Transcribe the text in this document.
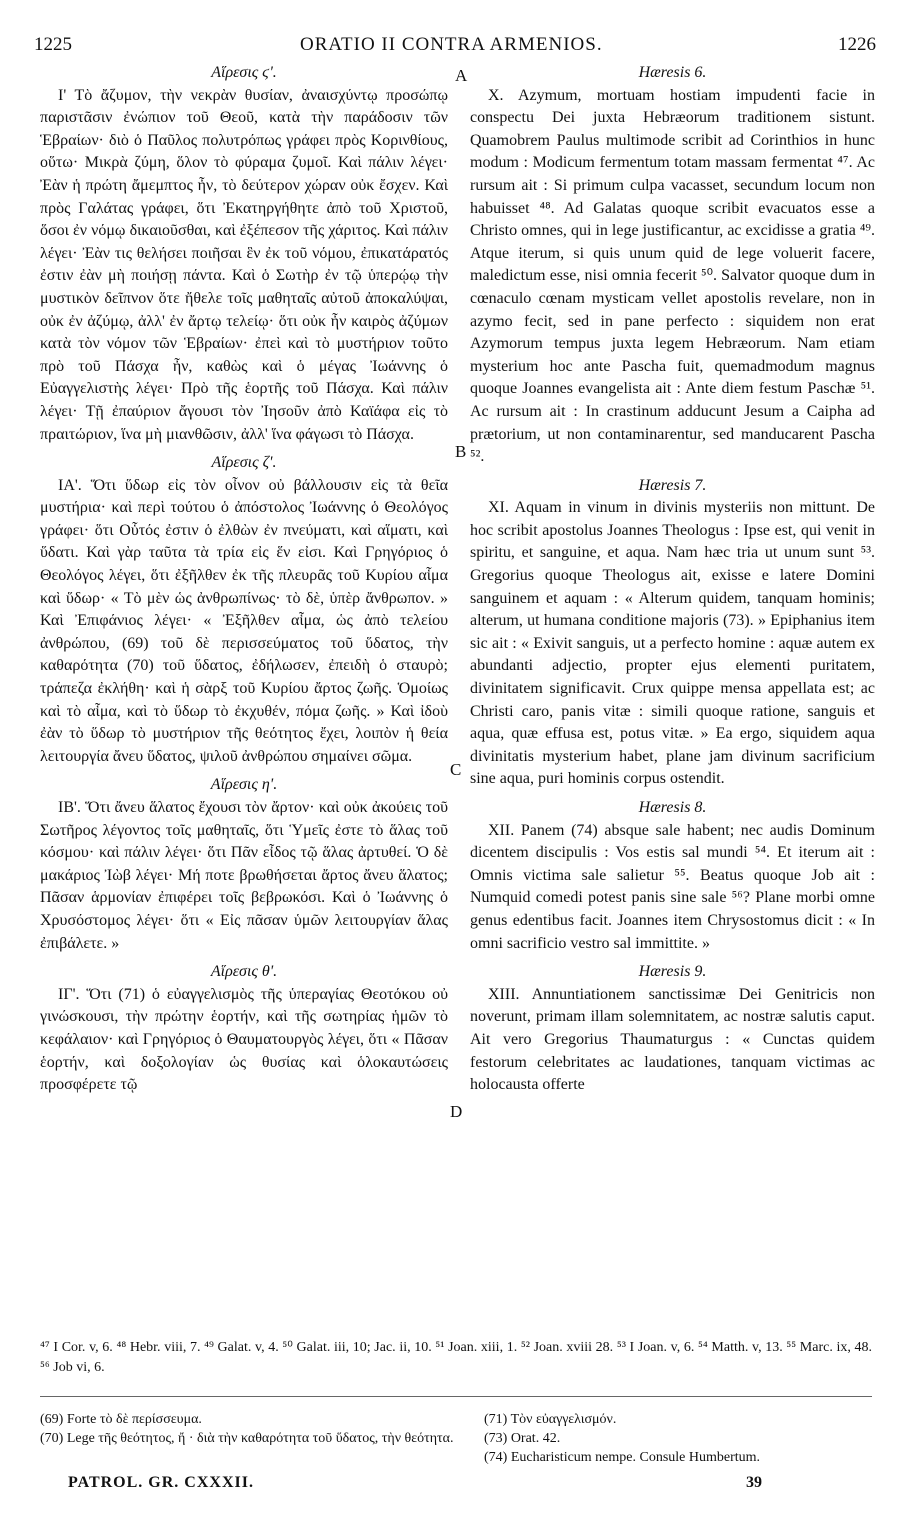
1225	ORATIO II CONTRA ARMENIOS.	1226
A
B
C
D

Αἵρεσις ϛ'.

Ι' Τὸ ἄζυμον, τὴν νεκρὰν θυσίαν, ἀναισχύντῳ προσώπῳ παριστᾶσιν ἐνώπιον τοῦ Θεοῦ, κατὰ τὴν παράδοσιν τῶν Ἑβραίων· διὸ ὁ Παῦλος πολυτρόπως γράφει πρὸς Κορινθίους, οὕτω· Μικρὰ ζύμη, ὅλον τὸ φύραμα ζυμοῖ. Καὶ πάλιν λέγει· Ἐὰν ἡ πρώτη ἄμεμπτος ἦν, τὸ δεύτερον χώραν οὐκ ἔσχεν. Καὶ πρὸς Γαλάτας γράφει, ὅτι Ἐκατηργήθητε ἀπὸ τοῦ Χριστοῦ, ὅσοι ἐν νόμῳ δικαιοῦσθαι, καὶ ἐξέπεσον τῆς χάριτος. Καὶ πάλιν λέγει· Ἐὰν τις θελήσει ποιῆσαι ἓν ἐκ τοῦ νόμου, ἐπικατάρατός ἐστιν ἐὰν μὴ ποιήσῃ πάντα. Καὶ ὁ Σωτὴρ ἐν τῷ ὑπερῴῳ τὴν μυστικὸν δεῖπνον ὅτε ἤθελε τοῖς μαθηταῖς αὐτοῦ ἀποκαλύψαι, οὐκ ἐν ἀζύμῳ, ἀλλ' ἐν ἄρτῳ τελείῳ· ὅτι οὐκ ἦν καιρὸς ἀζύμων κατὰ τὸν νόμον τῶν Ἑβραίων· ἐπεὶ καὶ τὸ μυστήριον τοῦτο πρὸ τοῦ Πάσχα ἦν, καθὼς καὶ ὁ μέγας Ἰωάννης ὁ Εὐαγγελιστὴς λέγει· Πρὸ τῆς ἑορτῆς τοῦ Πάσχα. Καὶ πάλιν λέγει· Τῇ ἐπαύριον ἄγουσι τὸν Ἰησοῦν ἀπὸ Καϊάφα εἰς τὸ πραιτώριον, ἵνα μὴ μιανθῶσιν, ἀλλ' ἵνα φάγωσι τὸ Πάσχα.

Αἵρεσις ζ'.

ΙΑ'. Ὅτι ὕδωρ εἰς τὸν οἶνον οὐ βάλλουσιν εἰς τὰ θεῖα μυστήρια· καὶ περὶ τούτου ὁ ἀπόστολος Ἰωάννης ὁ Θεολόγος γράφει· ὅτι Οὗτός ἐστιν ὁ ἐλθὼν ἐν πνεύματι, καὶ αἵματι, καὶ ὕδατι. Καὶ γὰρ ταῦτα τὰ τρία εἰς ἕν εἰσι. Καὶ Γρηγόριος ὁ Θεολόγος λέγει, ὅτι ἐξῆλθεν ἐκ τῆς πλευρᾶς τοῦ Κυρίου αἷμα καὶ ὕδωρ· « Τὸ μὲν ὡς ἀνθρωπίνως· τὸ δὲ, ὑπὲρ ἄνθρωπον. » Καὶ Ἐπιφάνιος λέγει· « Ἐξῆλθεν αἷμα, ὡς ἀπὸ τελείου ἀνθρώπου, (69) τοῦ δὲ περισσεύματος τοῦ ὕδατος, τὴν καθαρότητα (70) τοῦ ὕδατος, ἐδήλωσεν, ἐπειδὴ ὁ σταυρὸ; τράπεζα ἐκλήθη· καὶ ἡ σὰρξ τοῦ Κυρίου ἄρτος ζωῆς. Ὁμοίως καὶ τὸ αἷμα, καὶ τὸ ὕδωρ τὸ ἐκχυθέν, πόμα ζωῆς. » Καὶ ἰδοὺ ἐὰν τὸ ὕδωρ τὸ μυστήριον τῆς θεότητος ἔχει, λοιπὸν ἡ θεία λειτουργία ἄνευ ὕδατος, ψιλοῦ ἀνθρώπου σημαίνει σῶμα.

Αἵρεσις η'.

ΙΒ'. Ὅτι ἄνευ ἅλατος ἔχουσι τὸν ἄρτον· καὶ οὐκ ἀκούεις τοῦ Σωτῆρος λέγοντος τοῖς μαθηταῖς, ὅτι Ὑμεῖς ἐστε τὸ ἅλας τοῦ κόσμου· καὶ πάλιν λέγει· ὅτι Πᾶν εἶδος τῷ ἅλας ἀρτυθεί. Ὁ δὲ μακάριος Ἰὼβ λέγει· Μή ποτε βρωθήσεται ἄρτος ἄνευ ἅλατος; Πᾶσαν ἁρμονίαν ἐπιφέρει τοῖς βεβρωκόσι. Καὶ ὁ Ἰωάννης ὁ Χρυσόστομος λέγει· ὅτι « Εἰς πᾶσαν ὑμῶν λειτουργίαν ἅλας ἐπιβάλετε. »

Αἵρεσις θ'.

ΙΓ'. Ὅτι (71) ὁ εὐαγγελισμὸς τῆς ὑπεραγίας Θεοτόκου οὐ γινώσκουσι, τὴν πρώτην ἑορτήν, καὶ τῆς σωτηρίας ἡμῶν τὸ κεφάλαιον· καὶ Γρηγόριος ὁ Θαυματουργὸς λέγει, ὅτι « Πᾶσαν ἑορτήν, καὶ δοξολογίαν ὡς θυσίας καὶ ὁλοκαυτώσεις προσφέρετε τῷ

Hæresis 6.

X. Azymum, mortuam hostiam impudenti facie in conspectu Dei juxta Hebræorum traditionem sistunt. Quamobrem Paulus multimode scribit ad Corinthios in hunc modum : Modicum fermentum totam massam fermentat ⁴⁷. Ac rursum ait : Si primum culpa vacasset, secundum locum non habuisset ⁴⁸. Ad Galatas quoque scribit evacuatos esse a Christo omnes, qui in lege justificantur, ac excidisse a gratia ⁴⁹. Atque iterum, si quis unum quid de lege voluerit facere, maledictum esse, nisi omnia fecerit ⁵⁰. Salvator quoque dum in cœnaculo cœnam mysticam vellet apostolis revelare, non in azymo fecit, sed in pane perfecto : siquidem non erat Azymorum tempus juxta legem Hebræorum. Nam etiam mysterium hoc ante Pascha fuit, quemadmodum magnus quoque Joannes evangelista ait : Ante diem festum Paschæ ⁵¹. Ac rursum ait : In crastinum adducunt Jesum a Caipha ad prætorium, ut non contaminarentur, sed manducarent Pascha ⁵².

Hæresis 7.

XI. Aquam in vinum in divinis mysteriis non mittunt. De hoc scribit apostolus Joannes Theologus : Ipse est, qui venit in spiritu, et sanguine, et aqua. Nam hæc tria ut unum sunt ⁵³. Gregorius quoque Theologus ait, exisse e latere Domini sanguinem et aquam : « Alterum quidem, tanquam hominis; alterum, ut humana conditione majoris (73). » Epiphanius item sic ait : « Exivit sanguis, ut a perfecto homine : aquæ autem ex abundanti adjectio, propter ejus elementi puritatem, divinitatem significavit. Crux quippe mensa appellata est; ac Christi caro, panis vitæ : simili quoque ratione, sanguis et aqua, quæ effusa est, potus vitæ. » Ea ergo, siquidem aqua divinitatis mysterium habet, plane jam divinum sacrificium sine aqua, puri hominis corpus ostendit.

Hæresis 8.

XII. Panem (74) absque sale habent; nec audis Dominum dicentem discipulis : Vos estis sal mundi ⁵⁴. Et iterum ait : Omnis victima sale salietur ⁵⁵. Beatus quoque Job ait : Numquid comedi potest panis sine sale ⁵⁶? Plane morbi omne genus edentibus facit. Joannes item Chrysostomus dicit : « In omni sacrificio vestro sal immittite. »

Hæresis 9.

XIII. Annuntiationem sanctissimæ Dei Genitricis non noverunt, primam illam solemnitatem, ac nostræ salutis caput. Ait vero Gregorius Thaumaturgus : « Cunctas quidem festorum celebritates ac laudationes, tanquam victimas ac holocausta offerte

⁴⁷ I Cor. v, 6. ⁴⁸ Hebr. viii, 7. ⁴⁹ Galat. v, 4. ⁵⁰ Galat. iii, 10; Jac. ii, 10. ⁵¹ Joan. xiii, 1. ⁵² Joan. xviii 28. ⁵³ I Joan. v, 6. ⁵⁴ Matth. v, 13. ⁵⁵ Marc. ix, 48. ⁵⁶ Job vi, 6.
(69) Forte τὸ δὲ περίσσευμα.
(70) Lege τῆς θεότητος, ἤ · διὰ τὴν καθαρότητα τοῦ ὕδατος, τὴν θεότητα.
(71) Τὸν εὐαγγελισμόν.
(73) Orat. 42.
(74) Eucharisticum nempe. Consule Humbertum.
PATROL. GR. CXXXII.	39
